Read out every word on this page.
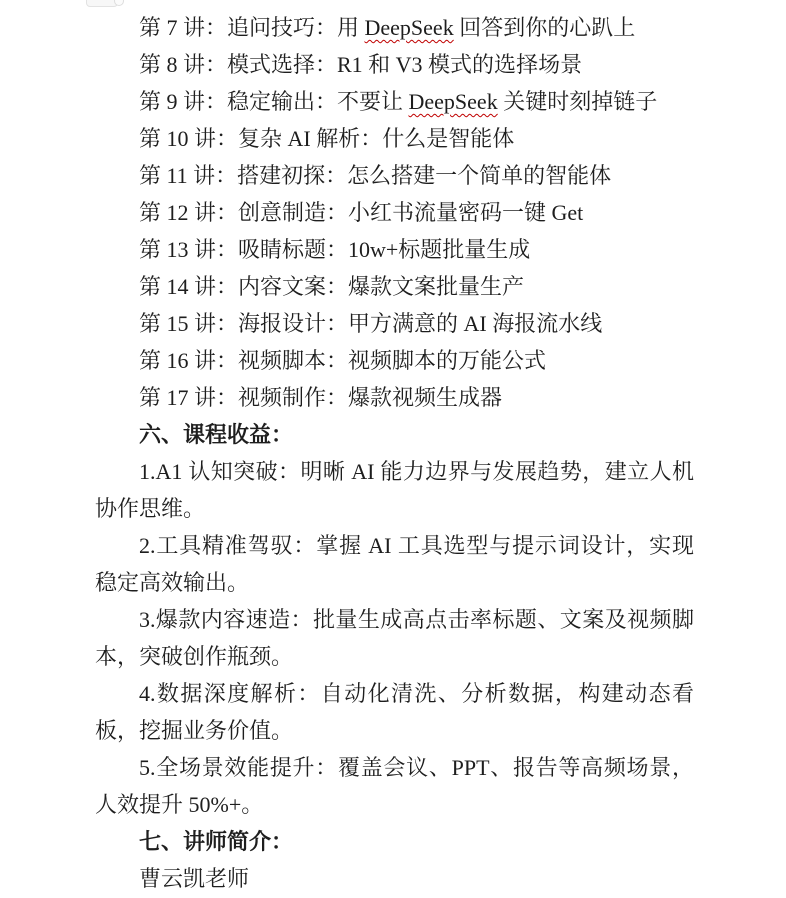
第 7 讲：追问技巧：用 DeepSeek 回答到你的心趴上

第 8 讲：模式选择：R1 和 V3 模式的选择场景

第 9 讲：稳定输出：不要让 DeepSeek 关键时刻掉链子

第 10 讲：复杂 AI 解析：什么是智能体

第 11 讲：搭建初探：怎么搭建一个简单的智能体

第 12 讲：创意制造：小红书流量密码一键 Get

第 13 讲：吸睛标题：10w+标题批量生成

第 14 讲：内容文案：爆款文案批量生产

第 15 讲：海报设计：甲方满意的 AI 海报流水线

第 16 讲：视频脚本：视频脚本的万能公式

第 17 讲：视频制作：爆款视频生成器

六、课程收益：

1.A1 认知突破：明晰 AI 能力边界与发展趋势，建立人机协作思维。

2.工具精准驾驭：掌握 AI 工具选型与提示词设计，实现稳定高效输出。

3.爆款内容速造：批量生成高点击率标题、文案及视频脚本，突破创作瓶颈。

4.数据深度解析：自动化清洗、分析数据，构建动态看板，挖掘业务价值。

5.全场景效能提升：覆盖会议、PPT、报告等高频场景，人效提升 50%+。

七、讲师简介：

曹云凯老师
